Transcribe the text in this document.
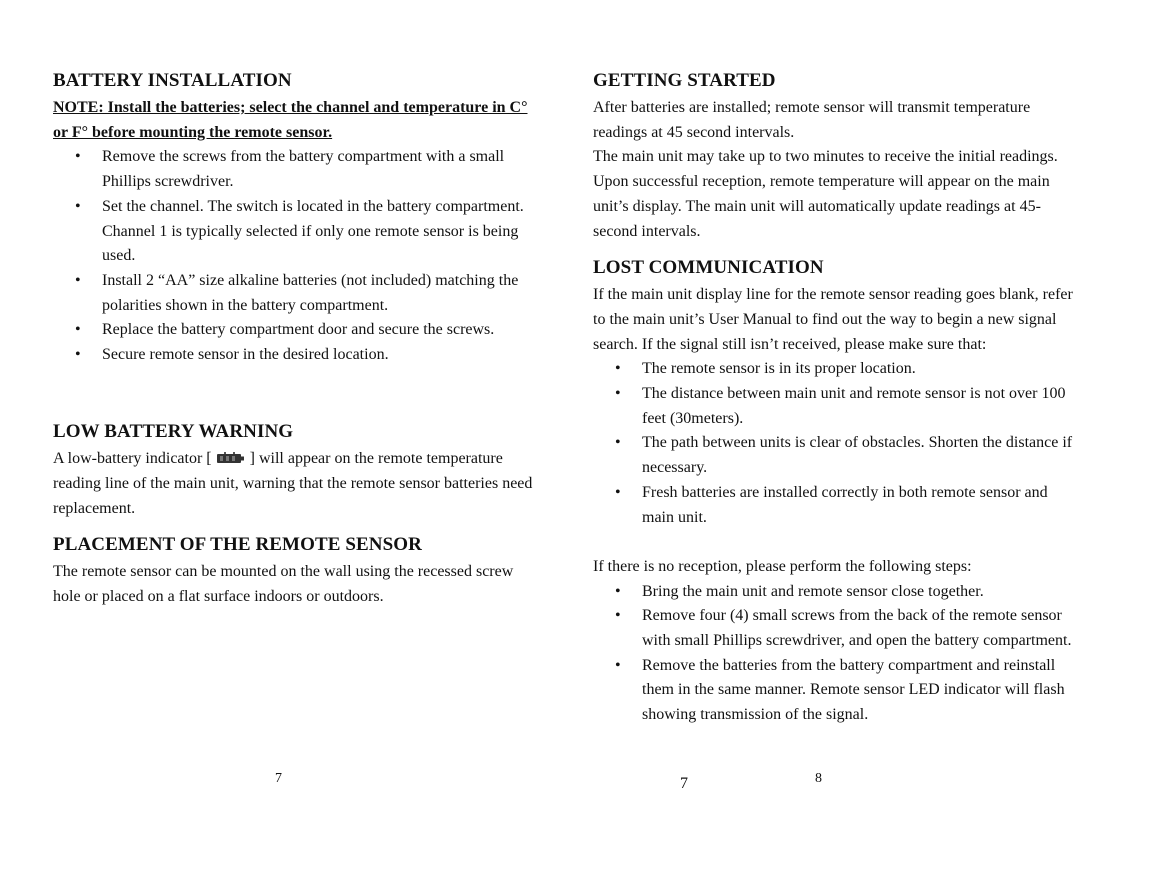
BATTERY INSTALLATION

NOTE: Install the batteries; select the channel and temperature in C° or F° before mounting the remote sensor.

• Remove the screws from the battery compartment with a small Phillips screwdriver.
• Set the channel. The switch is located in the battery compartment. Channel 1 is typically selected if only one remote sensor is being used.
• Install 2 “AA” size alkaline batteries (not included) matching the polarities shown in the battery compartment.
• Replace the battery compartment door and secure the screws.
• Secure remote sensor in the desired location.
LOW BATTERY WARNING

A low-battery indicator [ ] will appear on the remote temperature reading line of the main unit, warning that the remote sensor batteries need replacement.

PLACEMENT OF THE REMOTE SENSOR

The remote sensor can be mounted on the wall using the recessed screw hole or placed on a flat surface indoors or outdoors.

GETTING STARTED

After batteries are installed; remote sensor will transmit temperature readings at 45 second intervals.

The main unit may take up to two minutes to receive the initial readings. Upon successful reception, remote temperature will appear on the main unit’s display. The main unit will automatically update readings at 45-second intervals.

LOST COMMUNICATION

If the main unit display line for the remote sensor reading goes blank, refer to the main unit’s User Manual to find out the way to begin a new signal search. If the signal still isn’t received, please make sure that:

• The remote sensor is in its proper location.
• The distance between main unit and remote sensor is not over 100 feet (30meters).
• The path between units is clear of obstacles. Shorten the distance if necessary.
• Fresh batteries are installed correctly in both remote sensor and main unit.

If there is no reception, please perform the following steps:

• Bring the main unit and remote sensor close together.
• Remove four (4) small screws from the back of the remote sensor with small Phillips screwdriver, and open the battery compartment.
• Remove the batteries from the battery compartment and reinstall them in the same manner. Remote sensor LED indicator will flash showing transmission of the signal.
7	7	8
